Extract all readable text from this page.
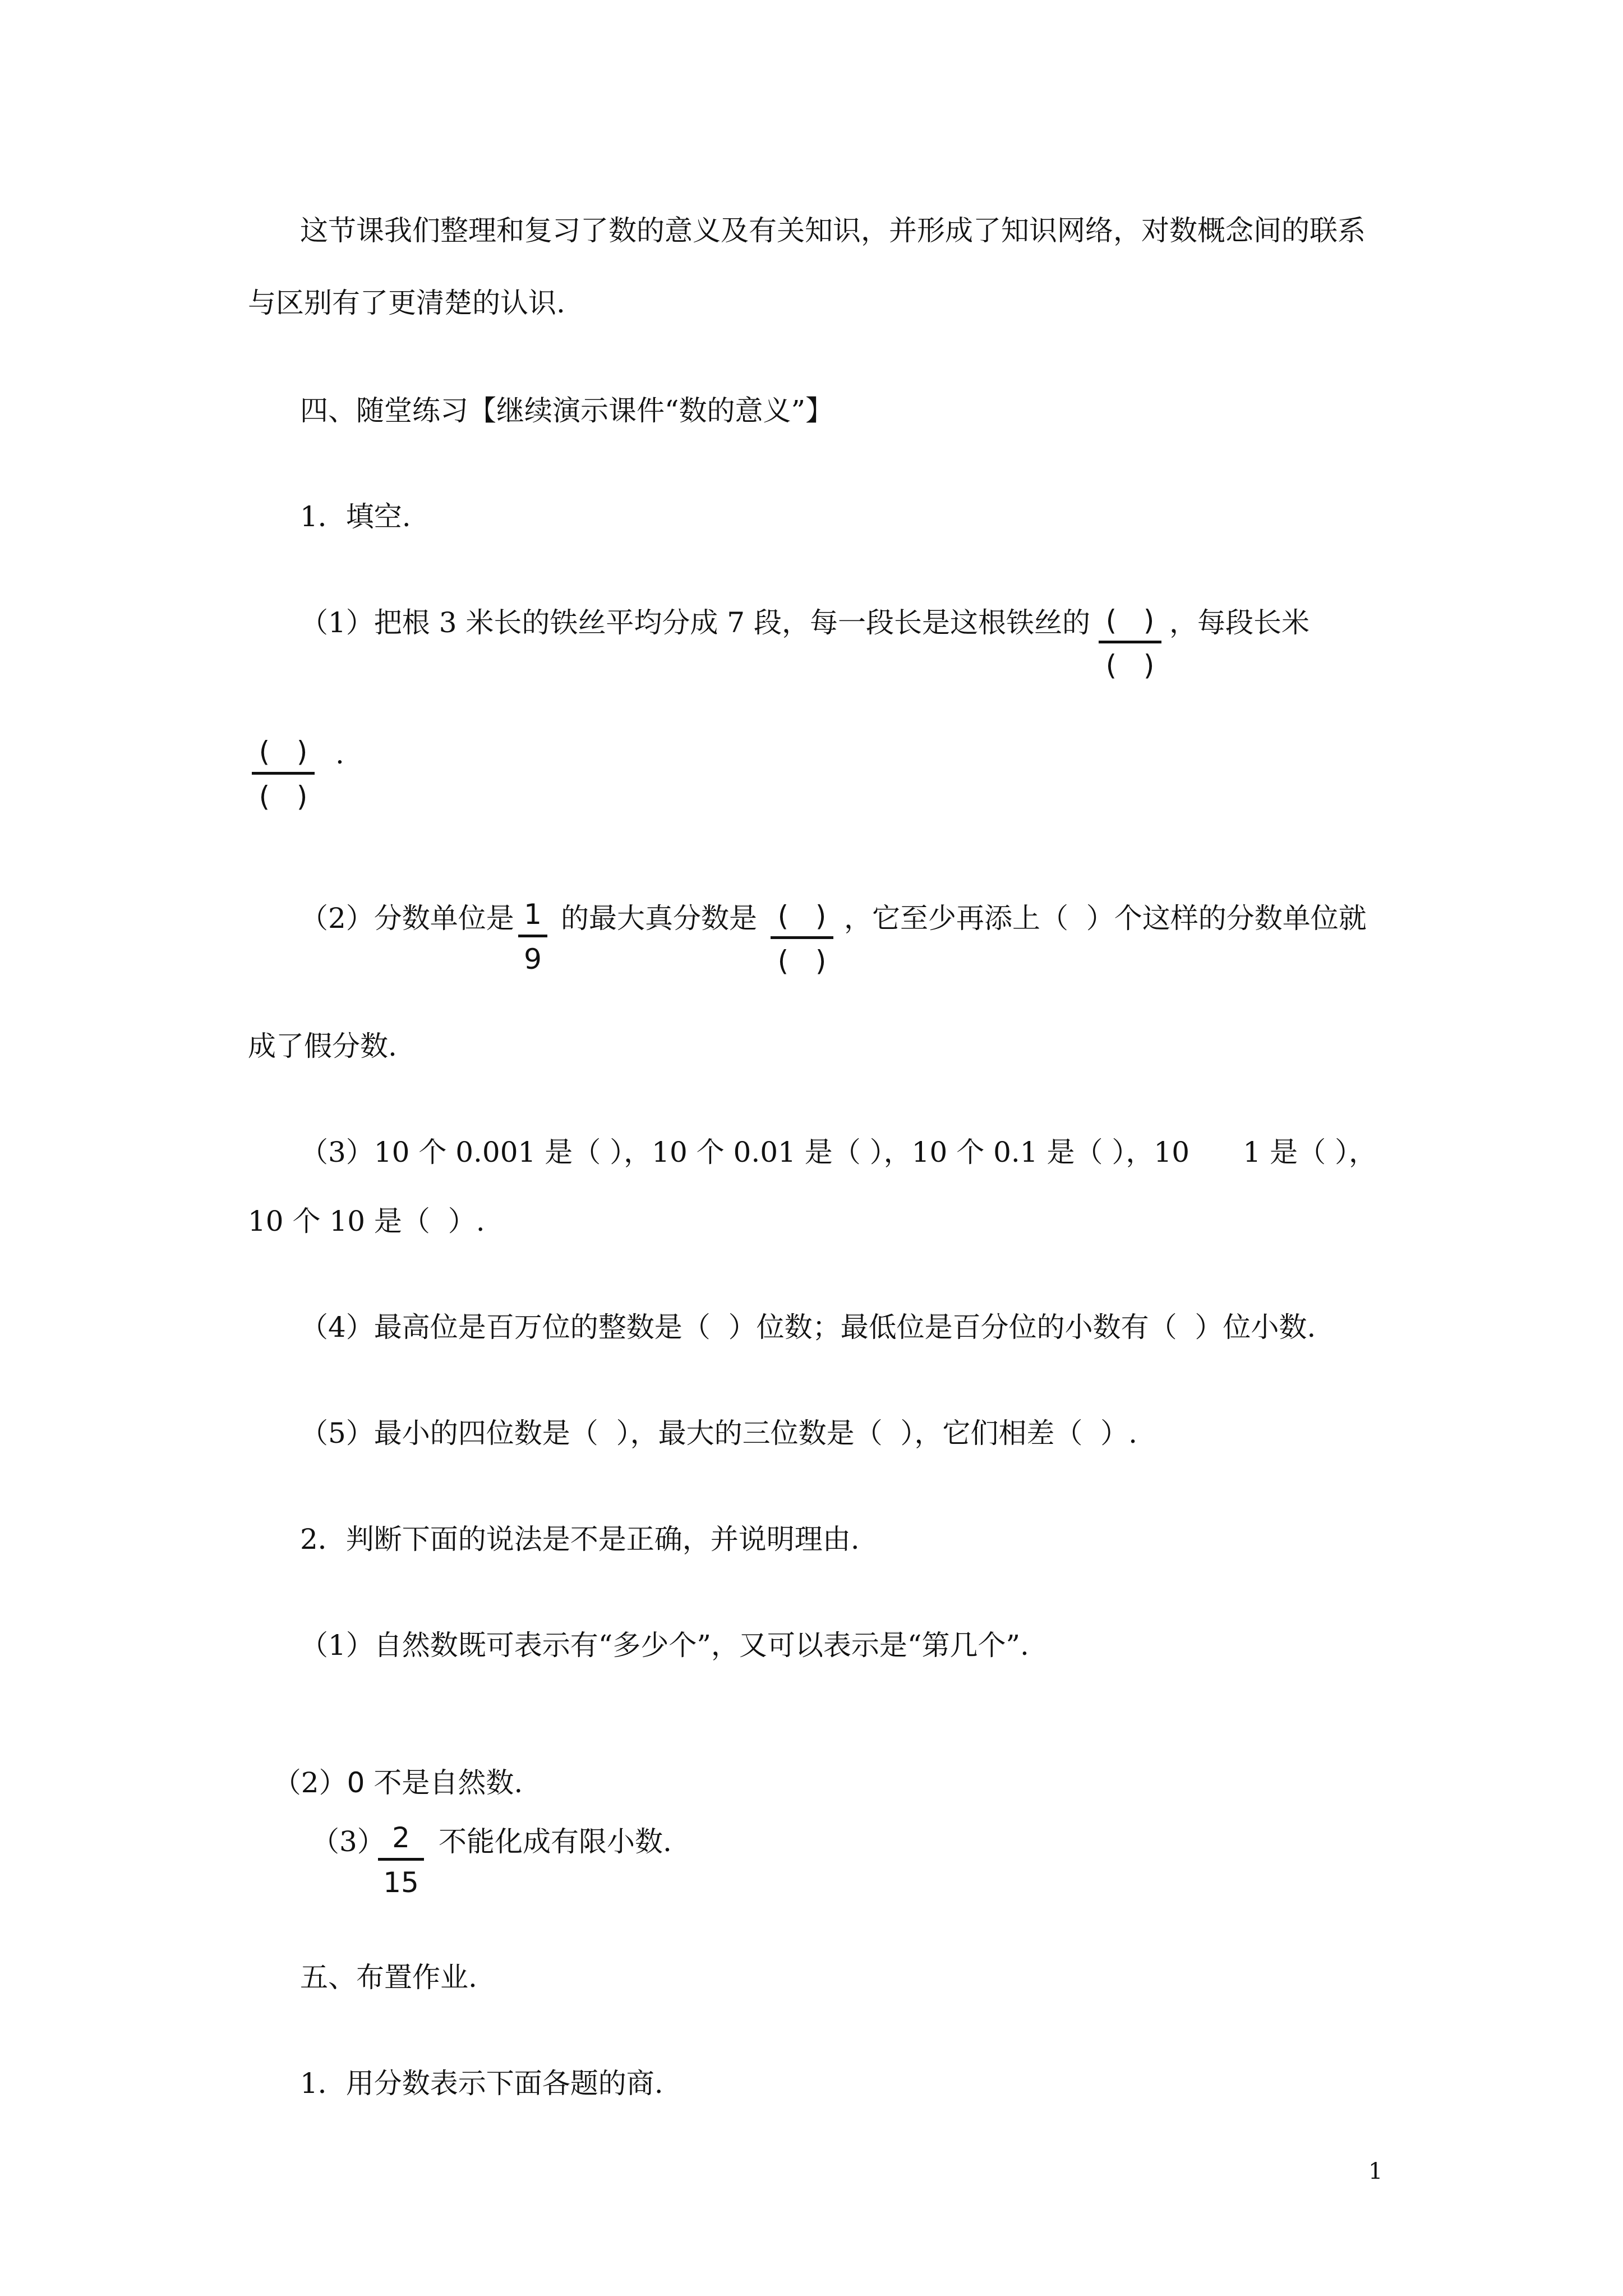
这节课我们整理和复习了数的意义及有关知识，并形成了知识网络，对数概念间的联系
与区别有了更清楚的认识.
四、随堂练习【继续演示课件“数的意义”】
1．填空.
（1）把根 3 米长的铁丝平均分成 7 段，每一段长是这根铁丝的 (   )
(   )
，每段长米
(   )
(   )
.
（2）分数单位是 1
9
的最大真分数是 (   )
(   )
，它至少再添上（  ）个这样的分数单位就
成了假分数.
（3）10 个 0.001 是（ ），10 个 0.01 是（ ），10 个 0.1 是（ ），10      1 是（ ），
10 个 10 是（  ）.
（4）最高位是百万位的整数是（  ）位数；最低位是百分位的小数有（  ）位小数.
（5）最小的四位数是（  ），最大的三位数是（  ），它们相差（  ）.
2．判断下面的说法是不是正确，并说明理由.
（1）自然数既可表示有“多少个”，又可以表示是“第几个”.

（2）0 不是自然数.

（3） 2
15
不能化成有限小数.
五、布置作业.
1．用分数表示下面各题的商.
1
